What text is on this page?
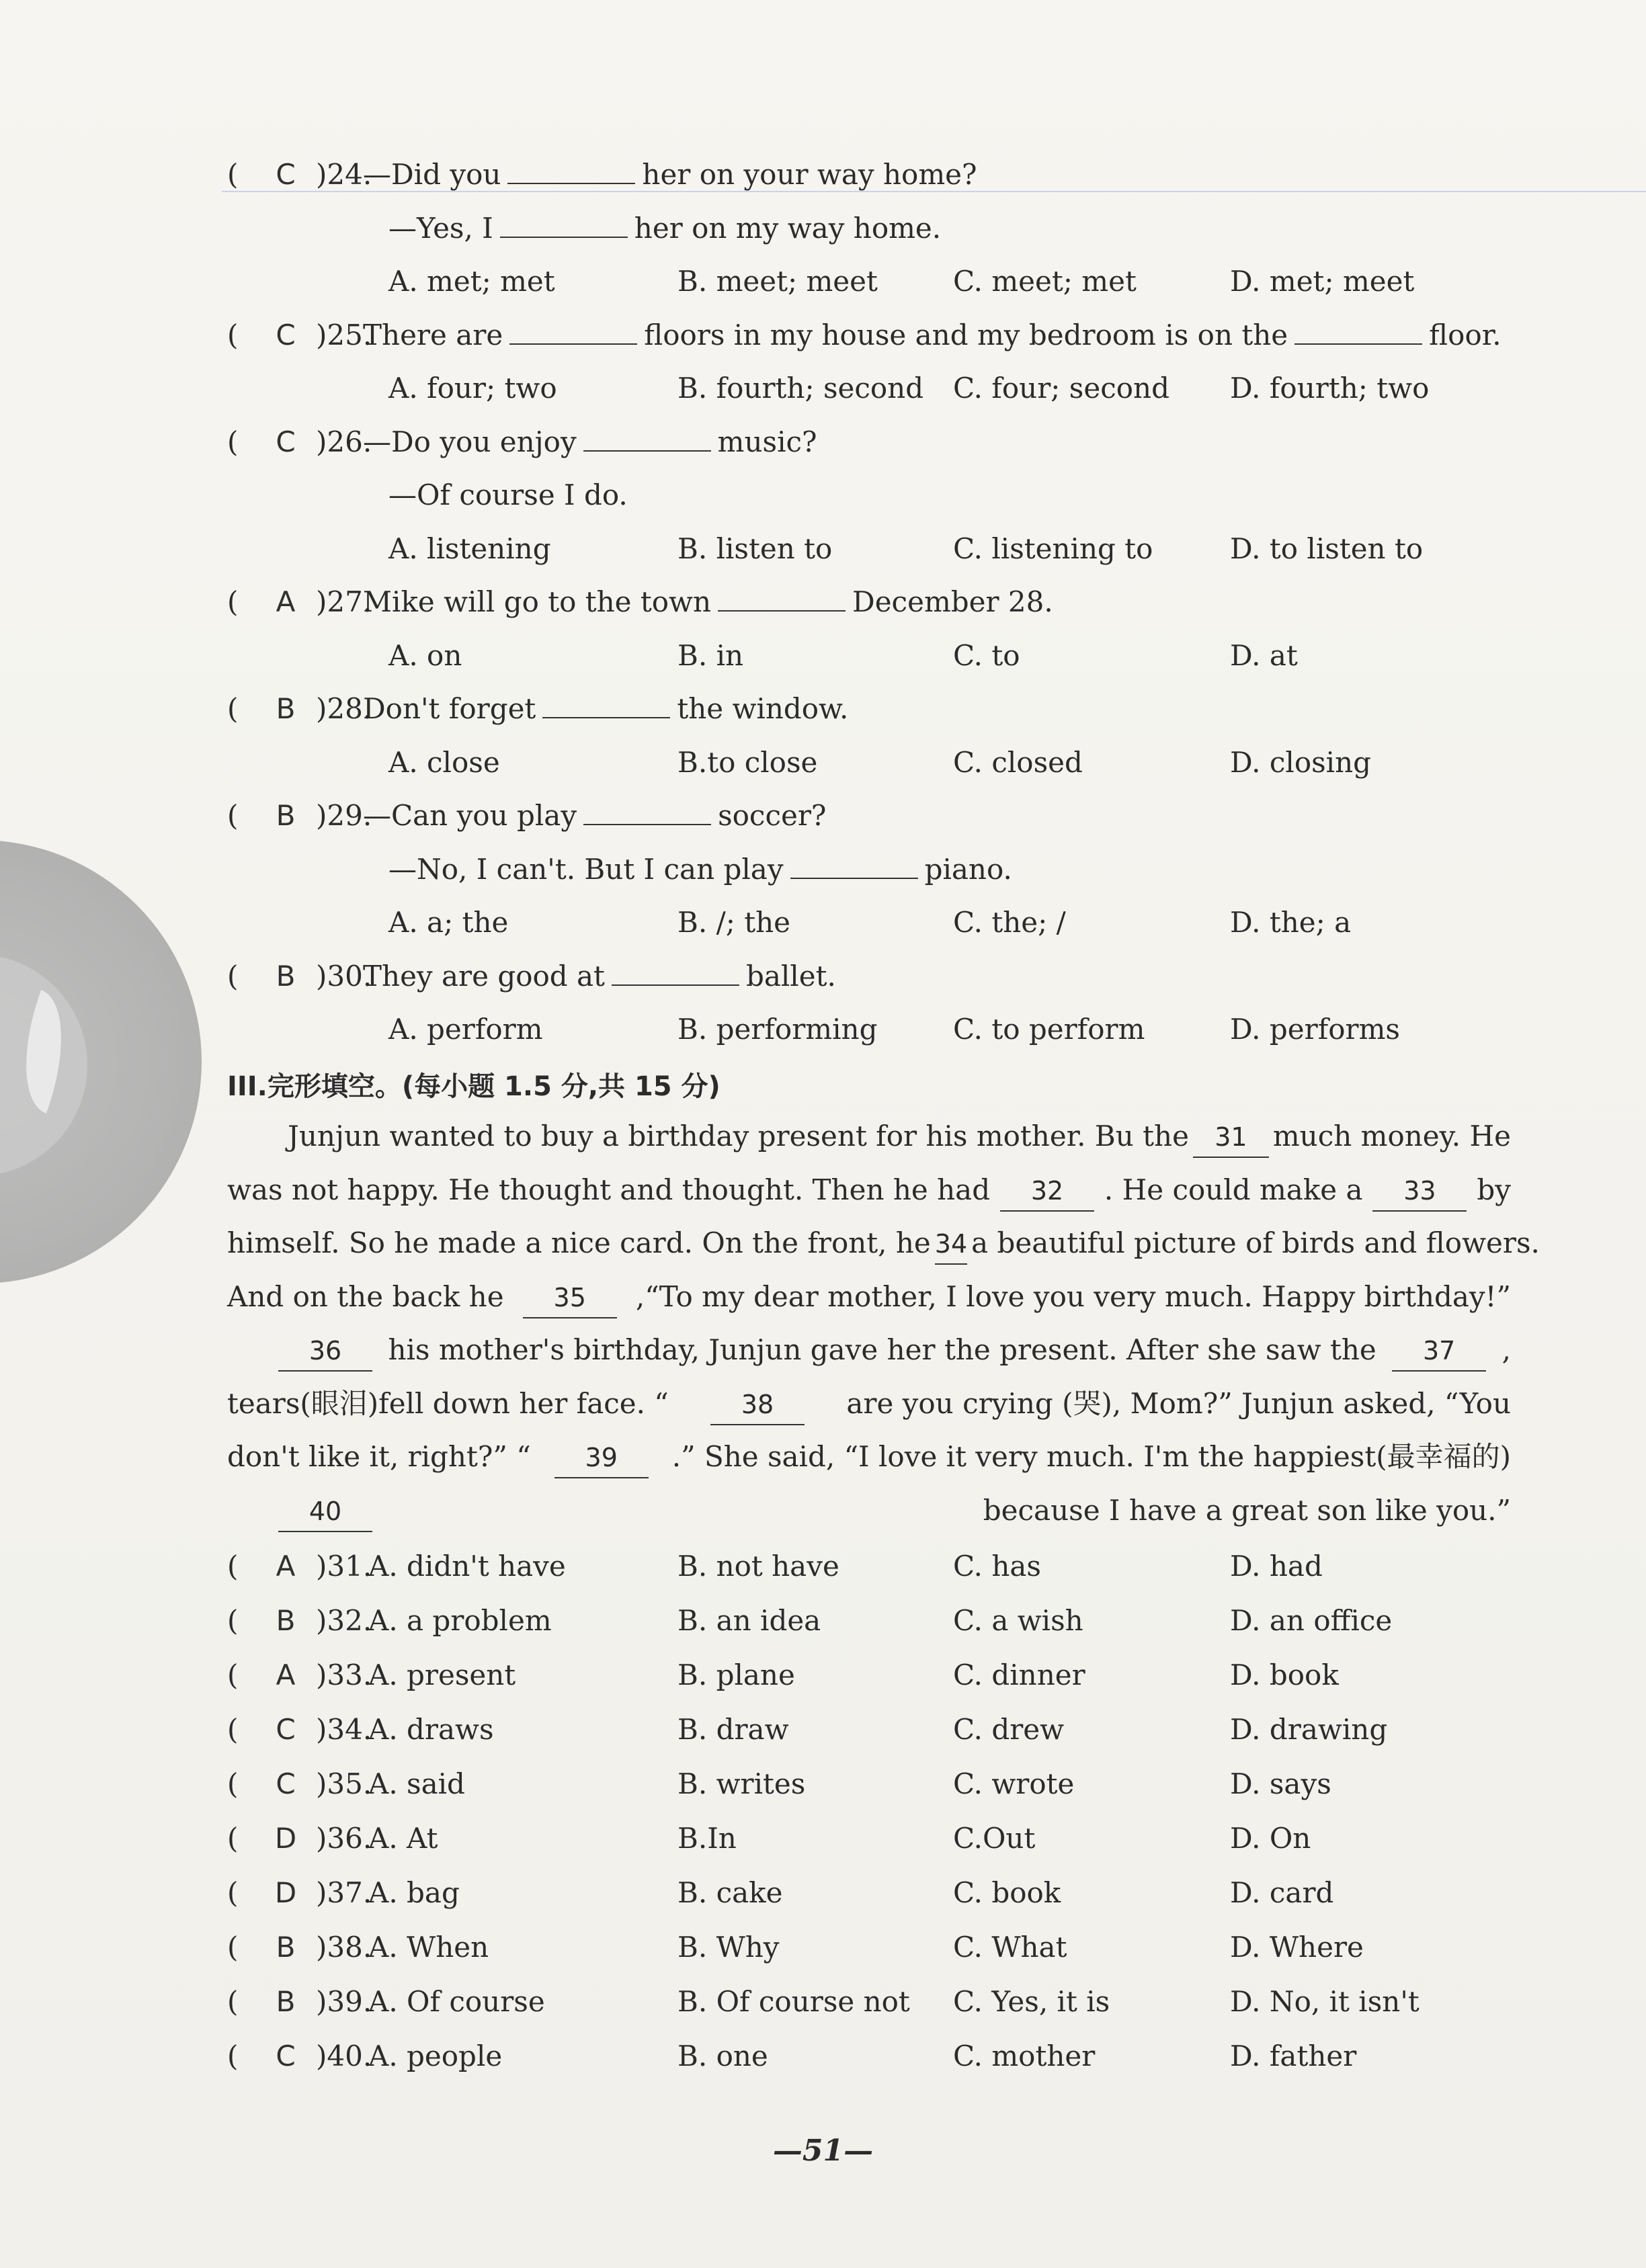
(	C )24.
—Did you	her on your way home?
—Yes, I	her on my way home.
A. met; met	B. meet; meet	C. meet; met	D. met; meet
(	C )25.
There are	floors in my house and my bedroom is on the	floor.
A. four; two	B. fourth; second C. four; second D. fourth; two
(	C )26.
—Do you enjoy	music?
—Of course I do.
A. listening	B. listen to	C. listening to	D. to listen to
(	A )27.
Mike will go to the town	December 28.
A. on	B. in	C. to	D. at
(	B )28.
Don't forget	the window.
A. close	B.to close	C. closed	D. closing
(	B )29.
—Can you play	soccer?
—No, I can't. But I can play	piano.
A. a; the	B. /; the	C. the; /	D. the; a
(	B )30.
They are good at	ballet.
A. perform	B. performing	C. to perform	D. performs
III.完形填空。(每小题 1.5 分,共 15 分)
Junjun wanted to buy a birthday present for his mother. Bu the	31 much money. He
was not happy. He thought and thought. Then he had	32	. He could make a	33	by
himself. So he made a nice card. On the front, he 34 a beautiful picture of birds and flowers.
And on the back he	35	,“To my dear mother, I love you very much. Happy birthday!”
36	his mother's birthday, Junjun gave her the present. After she saw the	37	,
tears(眼泪)fell down her face. “	38	are you crying (哭), Mom?” Junjun asked, “You
don't like it, right?” “	39	.” She said, “I love it very much. I'm the happiest(最幸福的)
40	because I have a great son like you.”
(	A )31.
A. didn't have	B. not have	C. has	D. had
(	B )32.
A. a problem	B. an idea	C. a wish	D. an office
(	A )33.
A. present	B. plane	C. dinner	D. book
(	C )34.
A. draws	B. draw	C. drew	D. drawing
(	C )35.
A. said	B. writes	C. wrote	D. says
(	D )36.
A. At	B.In	C.Out	D. On
(	D )37.
A. bag	B. cake	C. book	D. card
(	B )38.
A. When	B. Why	C. What	D. Where
(	B )39.
A. Of course	B. Of course not C. Yes, it is	D. No, it isn't
(	C )40.
A. people	B. one	C. mother	D. father
—51—
